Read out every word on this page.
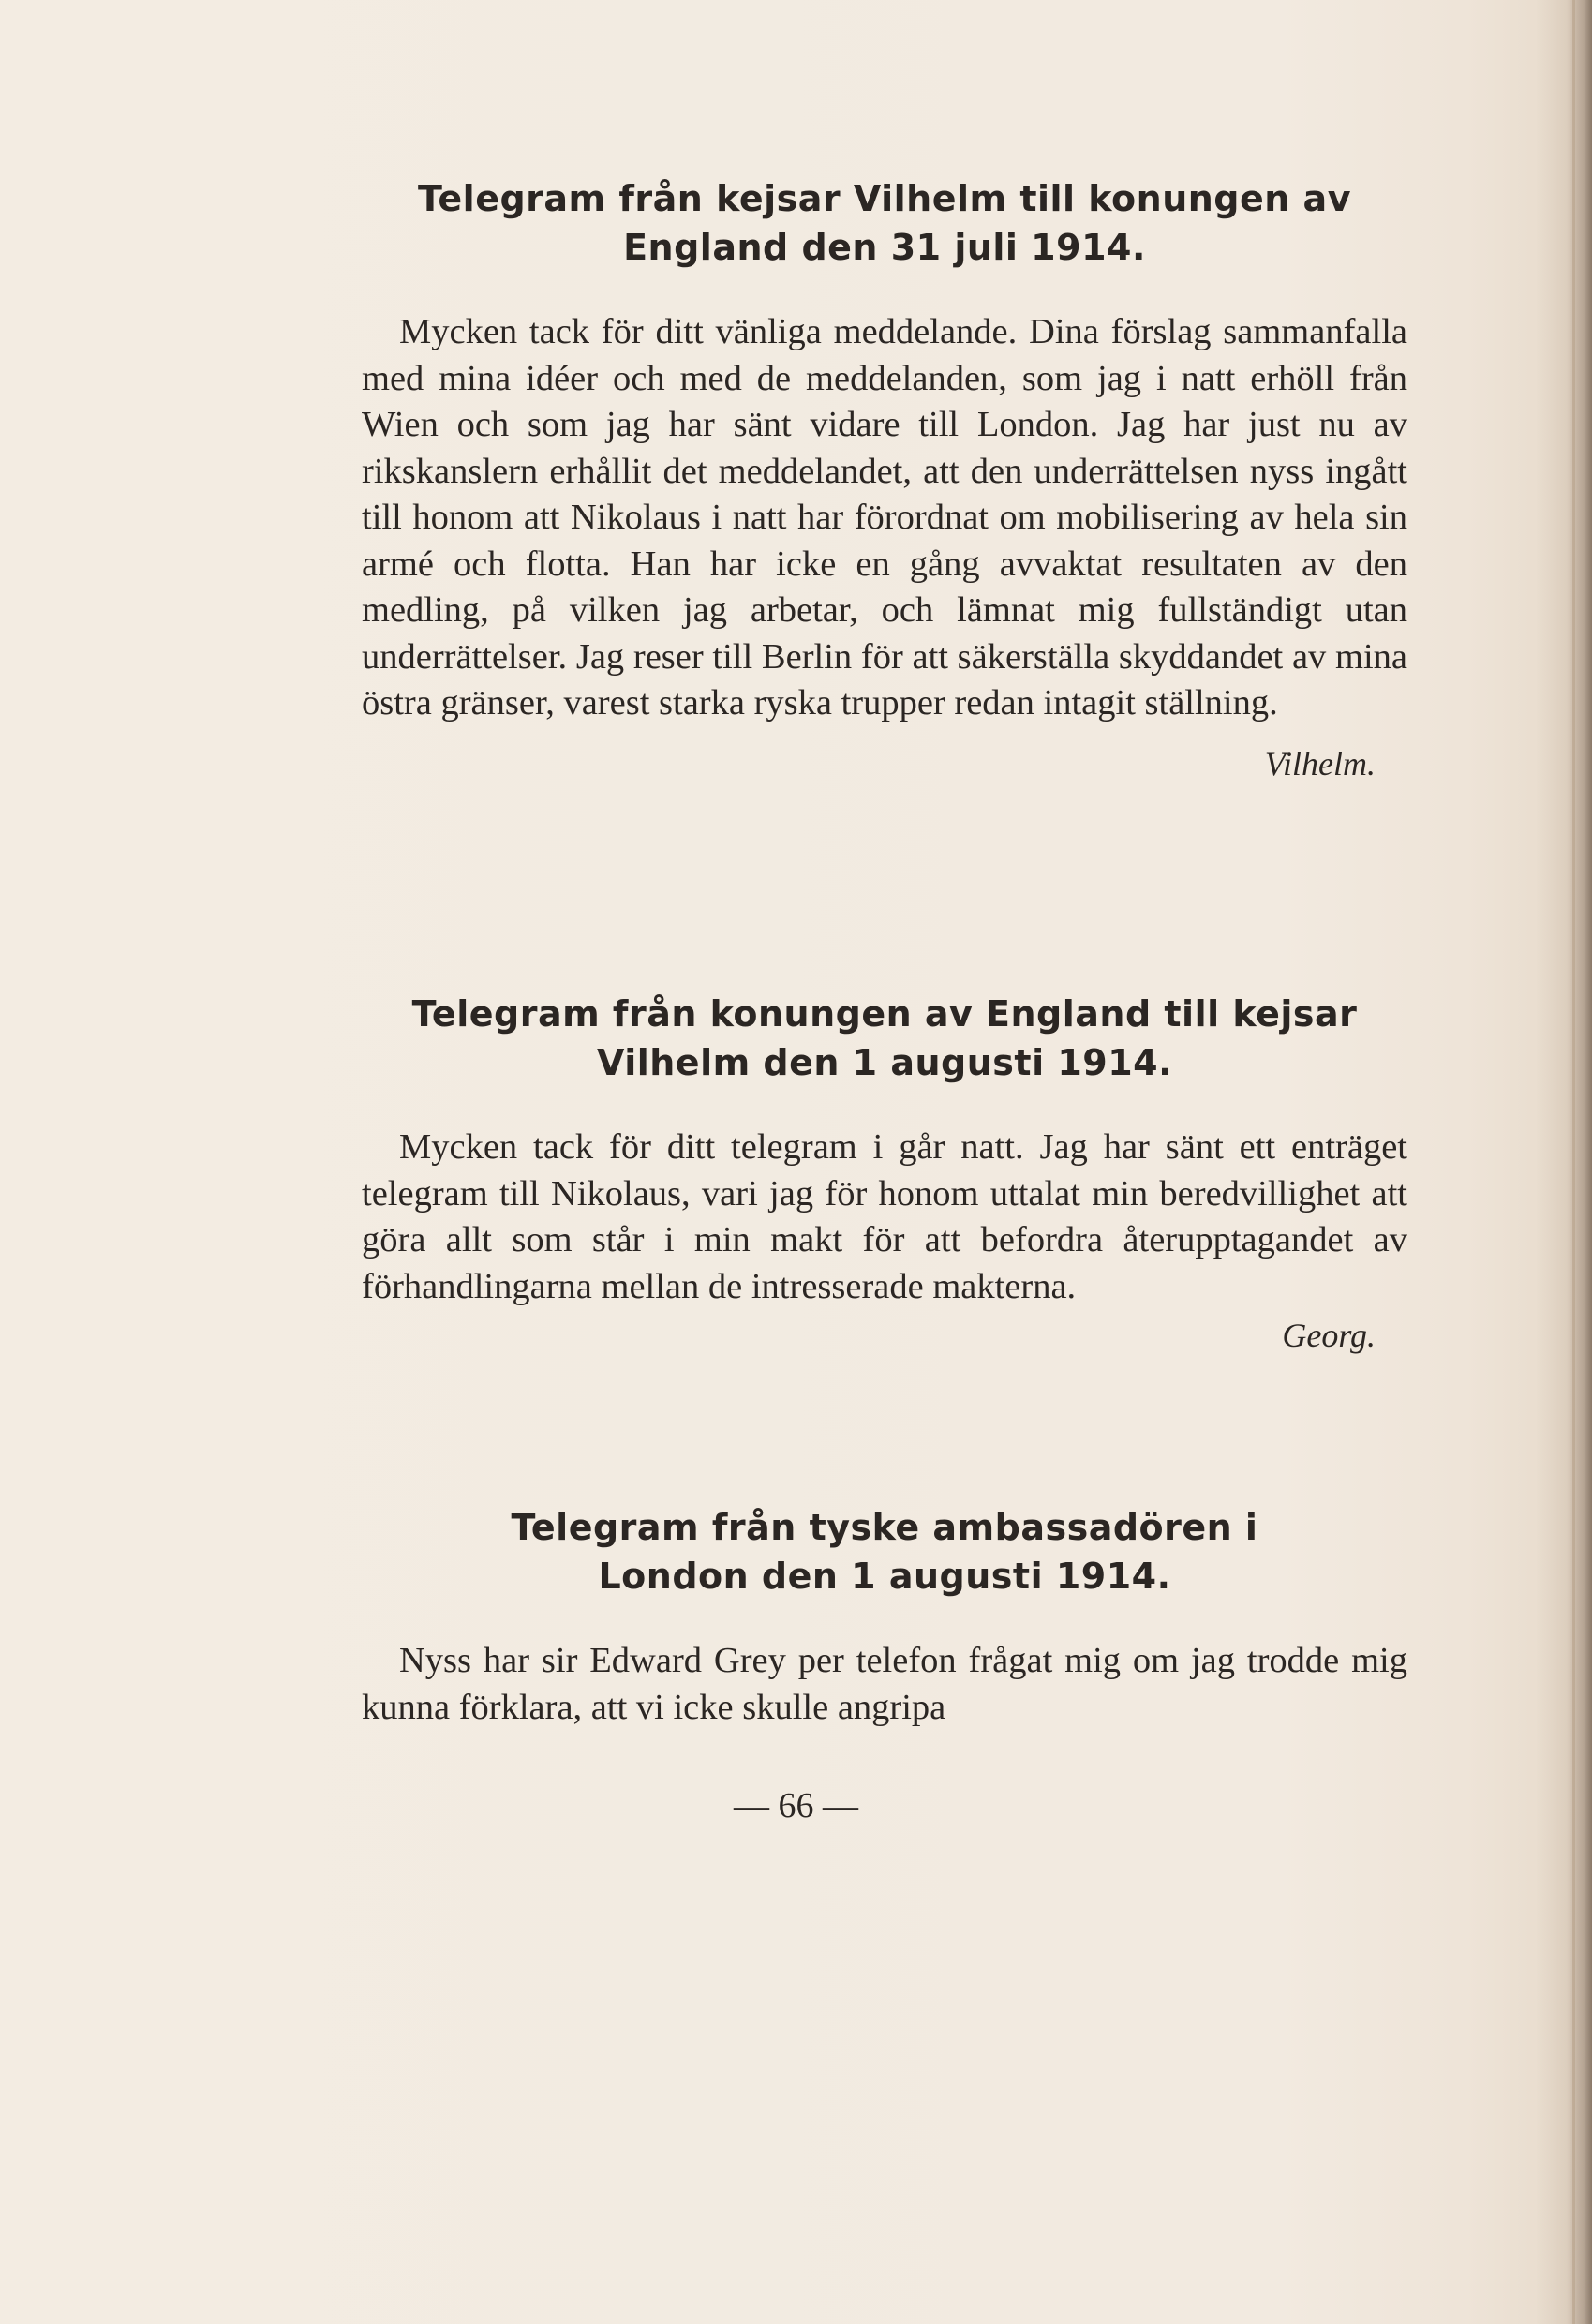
Telegram från kejsar Vilhelm till konungen av England den 31 juli 1914.

Mycken tack för ditt vänliga meddelande. Dina förslag sammanfalla med mina idéer och med de meddelanden, som jag i natt erhöll från Wien och som jag har sänt vidare till London. Jag har just nu av rikskanslern erhållit det meddelandet, att den underrättelsen nyss ingått till honom att Nikolaus i natt har förordnat om mobilisering av hela sin armé och flotta. Han har icke en gång avvaktat resultaten av den medling, på vilken jag arbetar, och lämnat mig fullständigt utan underrättelser. Jag reser till Berlin för att säkerställa skyddandet av mina östra gränser, varest starka ryska trupper redan intagit ställning.

Vilhelm.

Telegram från konungen av England till kejsar Vilhelm den 1 augusti 1914.

Mycken tack för ditt telegram i går natt. Jag har sänt ett enträget telegram till Nikolaus, vari jag för honom uttalat min beredvillighet att göra allt som står i min makt för att befordra återupptagandet av förhandlingarna mellan de intresserade makterna.

Georg.

Telegram från tyske ambassadören i London den 1 augusti 1914.

Nyss har sir Edward Grey per telefon frågat mig om jag trodde mig kunna förklara, att vi icke skulle angripa

— 66 —
